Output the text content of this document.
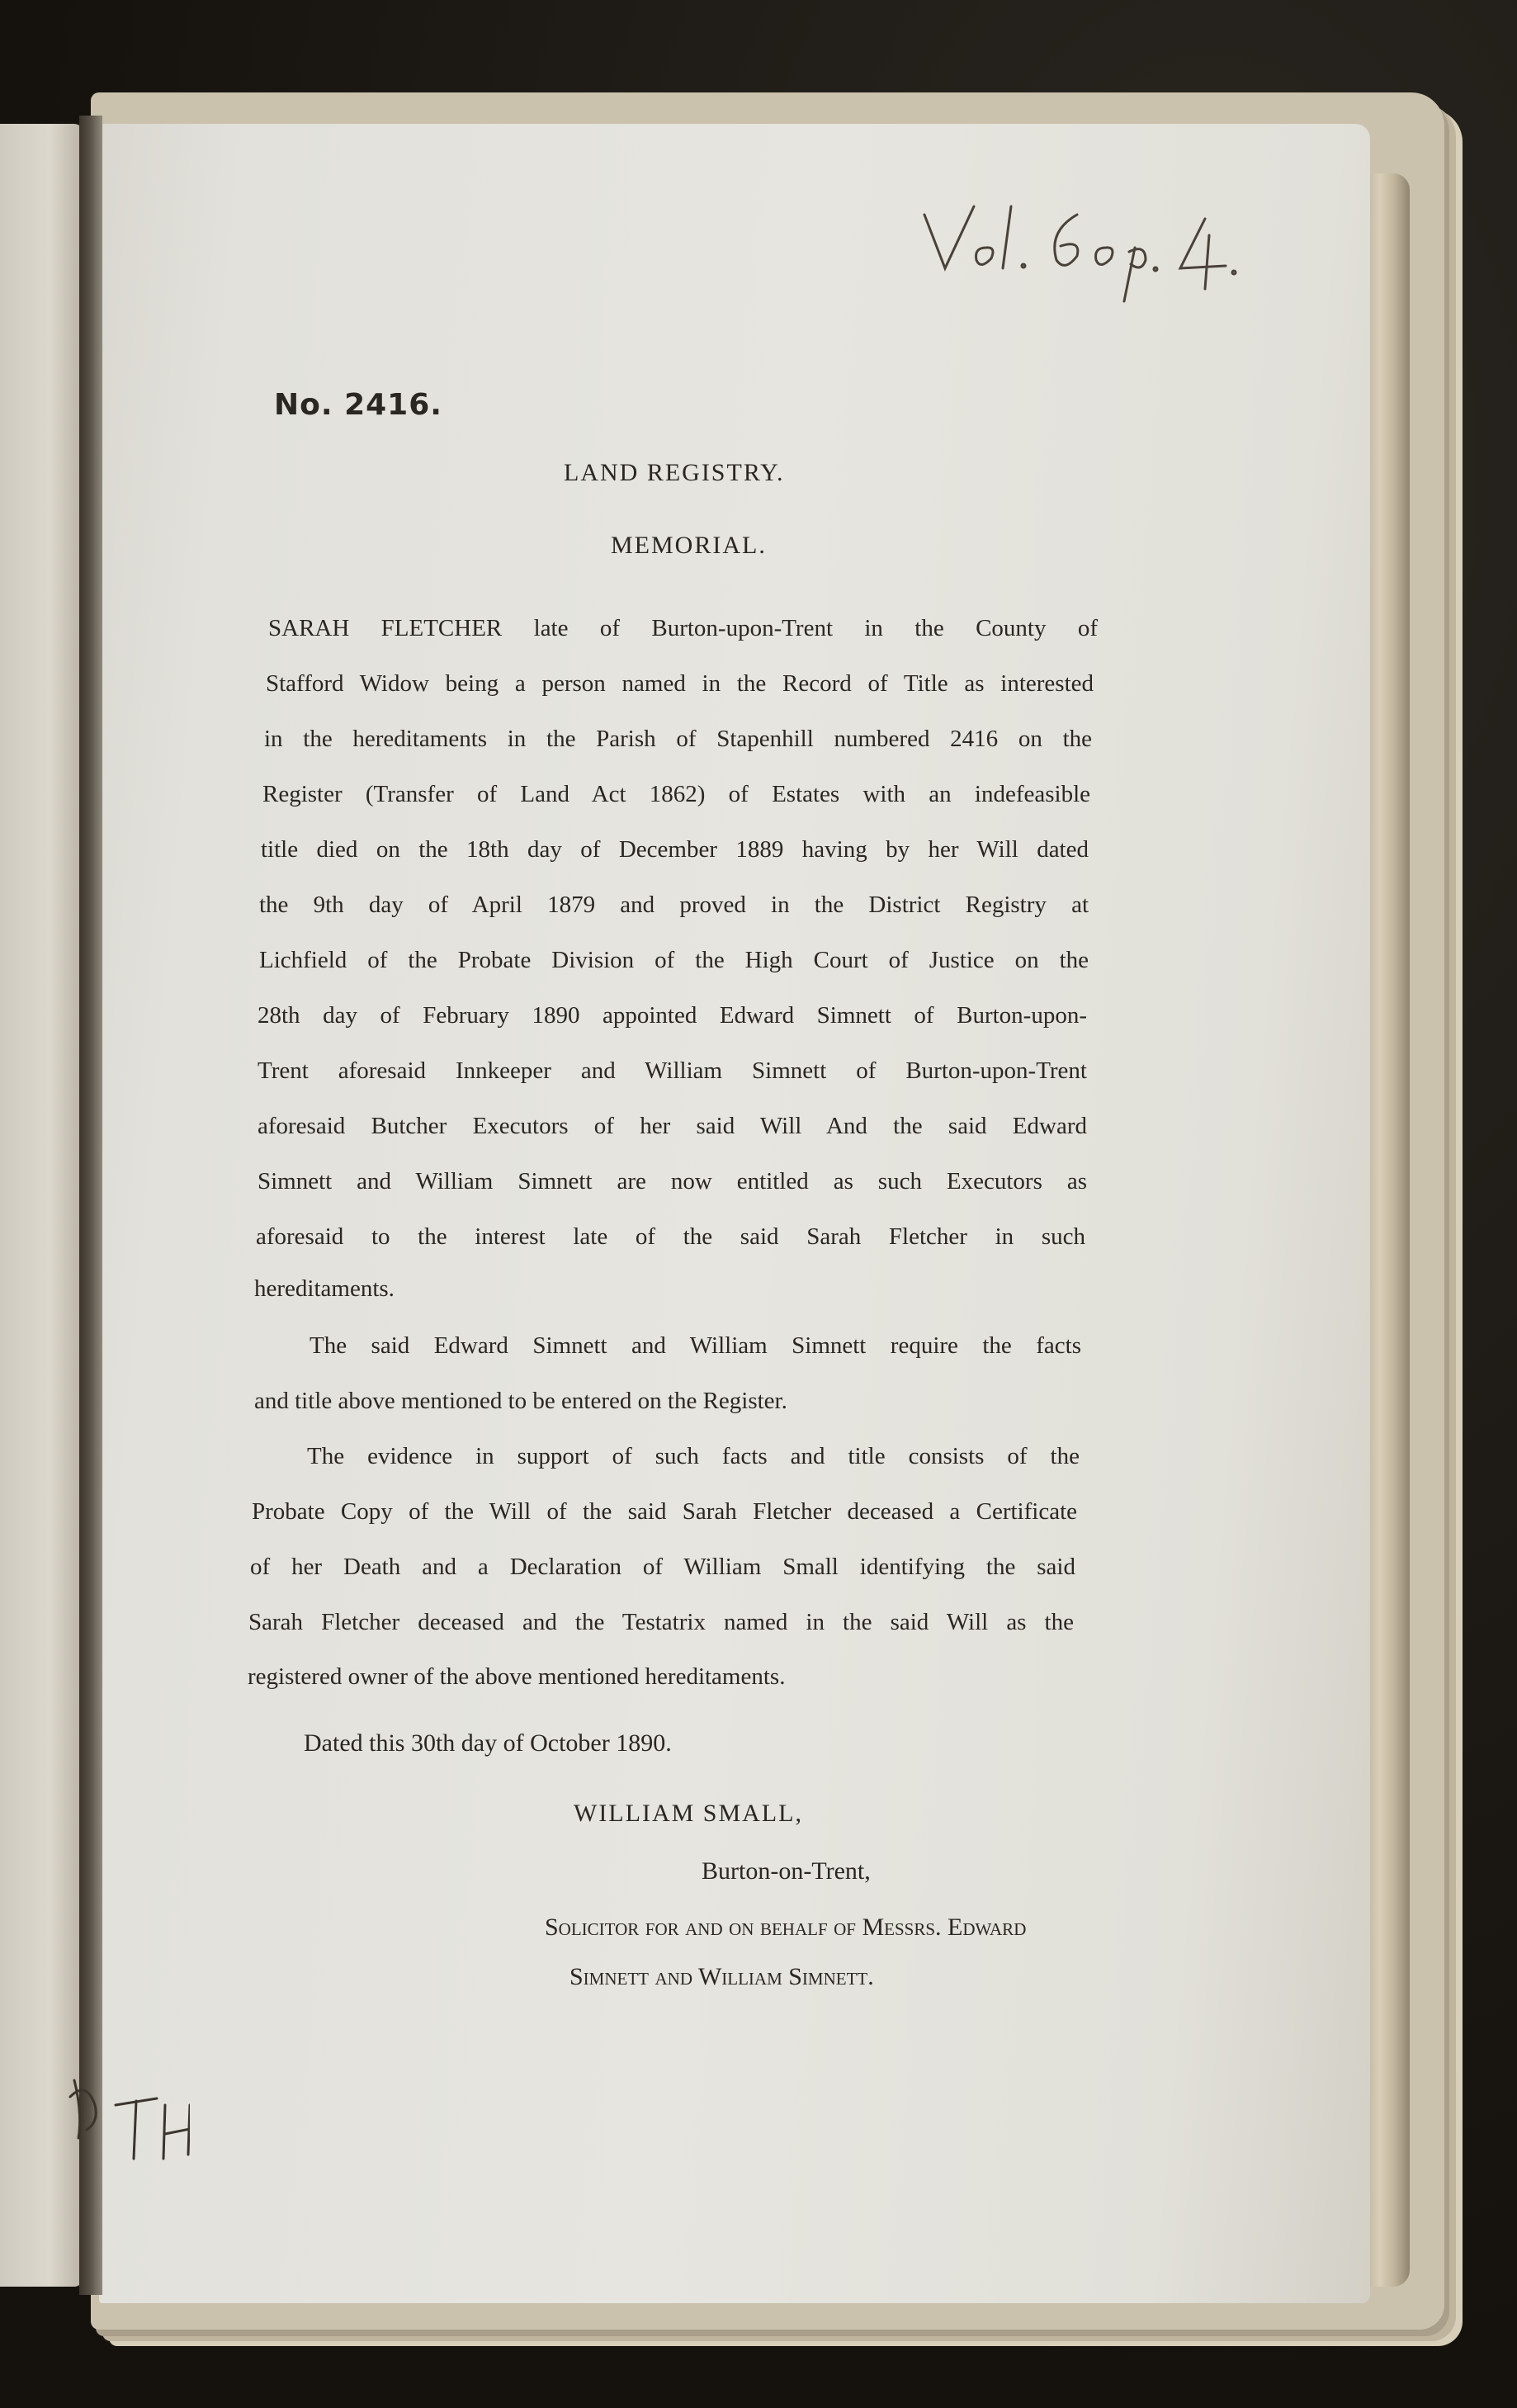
No. 2416.
LAND REGISTRY.
MEMORIAL.
SARAH FLETCHER late of Burton-upon-Trent in the County of
Stafford Widow being a person named in the Record of Title as interested
in the hereditaments in the Parish of Stapenhill numbered 2416 on the
Register (Transfer of Land Act 1862) of Estates with an indefeasible
title died on the 18th day of December 1889 having by her Will dated
the 9th day of April 1879 and proved in the District Registry at
Lichfield of the Probate Division of the High Court of Justice on the
28th day of February 1890 appointed Edward Simnett of Burton-upon-
Trent aforesaid Innkeeper and William Simnett of Burton-upon-Trent
aforesaid Butcher Executors of her said Will And the said Edward
Simnett and William Simnett are now entitled as such Executors as
aforesaid to the interest late of the said Sarah Fletcher in such
hereditaments.
The said Edward Simnett and William Simnett require the facts
and title above mentioned to be entered on the Register.
The evidence in support of such facts and title consists of the
Probate Copy of the Will of the said Sarah Fletcher deceased a Certificate
of her Death and a Declaration of William Small identifying the said
Sarah Fletcher deceased and the Testatrix named in the said Will as the
registered owner of the above mentioned hereditaments.
Dated this 30th day of October 1890.
WILLIAM SMALL,
Burton-on-Trent,
Solicitor for and on behalf of Messrs. Edward
Simnett and William Simnett.
